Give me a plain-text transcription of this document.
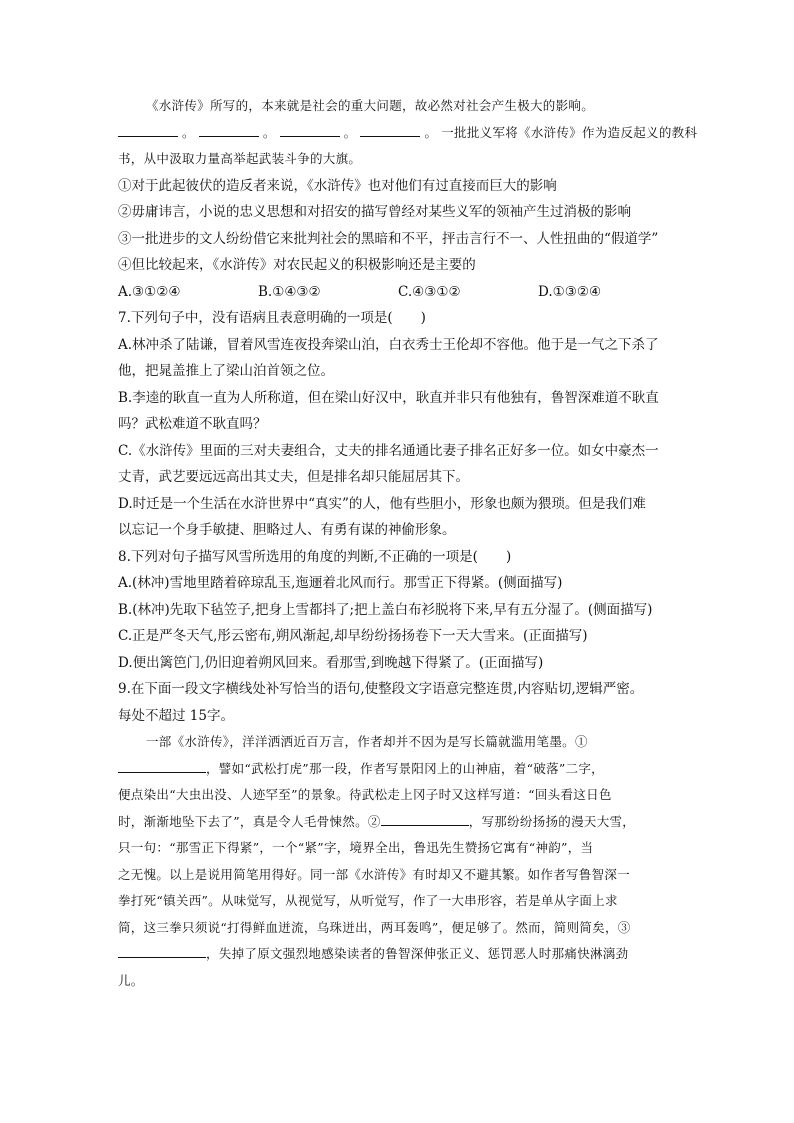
《水浒传》所写的，本来就是社会的重大问题，故必然对社会产生极大的影响。

。	。	。	。 一批批义军将《水浒传》作为造反起义的教科

书，从中汲取力量高举起武装斗争的大旗。

①对于此起彼伏的造反者来说，《水浒传》也对他们有过直接而巨大的影响

②毋庸讳言，小说的忠义思想和对招安的描写曾经对某些义军的领袖产生过消极的影响

③一批进步的文人纷纷借它来批判社会的黑暗和不平，抨击言行不一、人性扭曲的“假道学”

④但比较起来，《水浒传》对农民起义的积极影响还是主要的

A.③①②④	B.①④③②	C.④③①②	D.①③②④

7.下列句子中，没有语病且表意明确的一项是( )

A.林冲杀了陆谦，冒着风雪连夜投奔梁山泊，白衣秀士王伦却不容他。他于是一气之下杀了

他，把晁盖推上了梁山泊首领之位。

B.李逵的耿直一直为人所称道，但在梁山好汉中，耿直并非只有他独有，鲁智深难道不耿直

吗？武松难道不耿直吗？

C.《水浒传》里面的三对夫妻组合，丈夫的排名通通比妻子排名正好多一位。如女中豪杰一

丈青，武艺要远远高出其丈夫，但是排名却只能屈居其下。

D.时迁是一个生活在水浒世界中“真实”的人，他有些胆小，形象也颇为猥琐。但是我们难

以忘记一个身手敏捷、胆略过人、有勇有谋的神偷形象。

8.下列对句子描写风雪所选用的角度的判断,不正确的一项是( )

A.(林冲)雪地里踏着碎琼乱玉,迤逦着北风而行。那雪正下得紧。(侧面描写)

B.(林冲)先取下毡笠子,把身上雪都抖了;把上盖白布衫脱将下来,早有五分湿了。(侧面描写)

C.正是严冬天气,彤云密布,朔风渐起,却早纷纷扬扬卷下一天大雪来。(正面描写)

D.便出篱笆门,仍旧迎着朔风回来。看那雪,到晚越下得紧了。(正面描写)

9.在下面一段文字横线处补写恰当的语句,使整段文字语意完整连贯,内容贴切,逻辑严密。

每处不超过 15字。

一部《水浒传》，洋洋洒洒近百万言，作者却并不因为是写长篇就滥用笔墨。①

，譬如“武松打虎”那一段，作者写景阳冈上的山神庙，着“破落”二字，

便点染出“大虫出没、人迹罕至”的景象。待武松走上冈子时又这样写道：“回头看这日色

时，渐渐地坠下去了”，真是令人毛骨悚然。②	，写那纷纷扬扬的漫天大雪，

只一句：“那雪正下得紧”，一个“紧”字，境界全出，鲁迅先生赞扬它寓有“神韵”，当

之无愧。以上是说用简笔用得好。同一部《水浒传》有时却又不避其繁。如作者写鲁智深一

拳打死“镇关西”。从味觉写，从视觉写，从听觉写，作了一大串形容，若是单从字面上求

简，这三拳只须说“打得鲜血迸流，乌珠迸出，两耳轰鸣”，便足够了。然而，简则简矣，③

，失掉了原文强烈地感染读者的鲁智深伸张正义、惩罚恶人时那痛快淋漓劲

儿。
